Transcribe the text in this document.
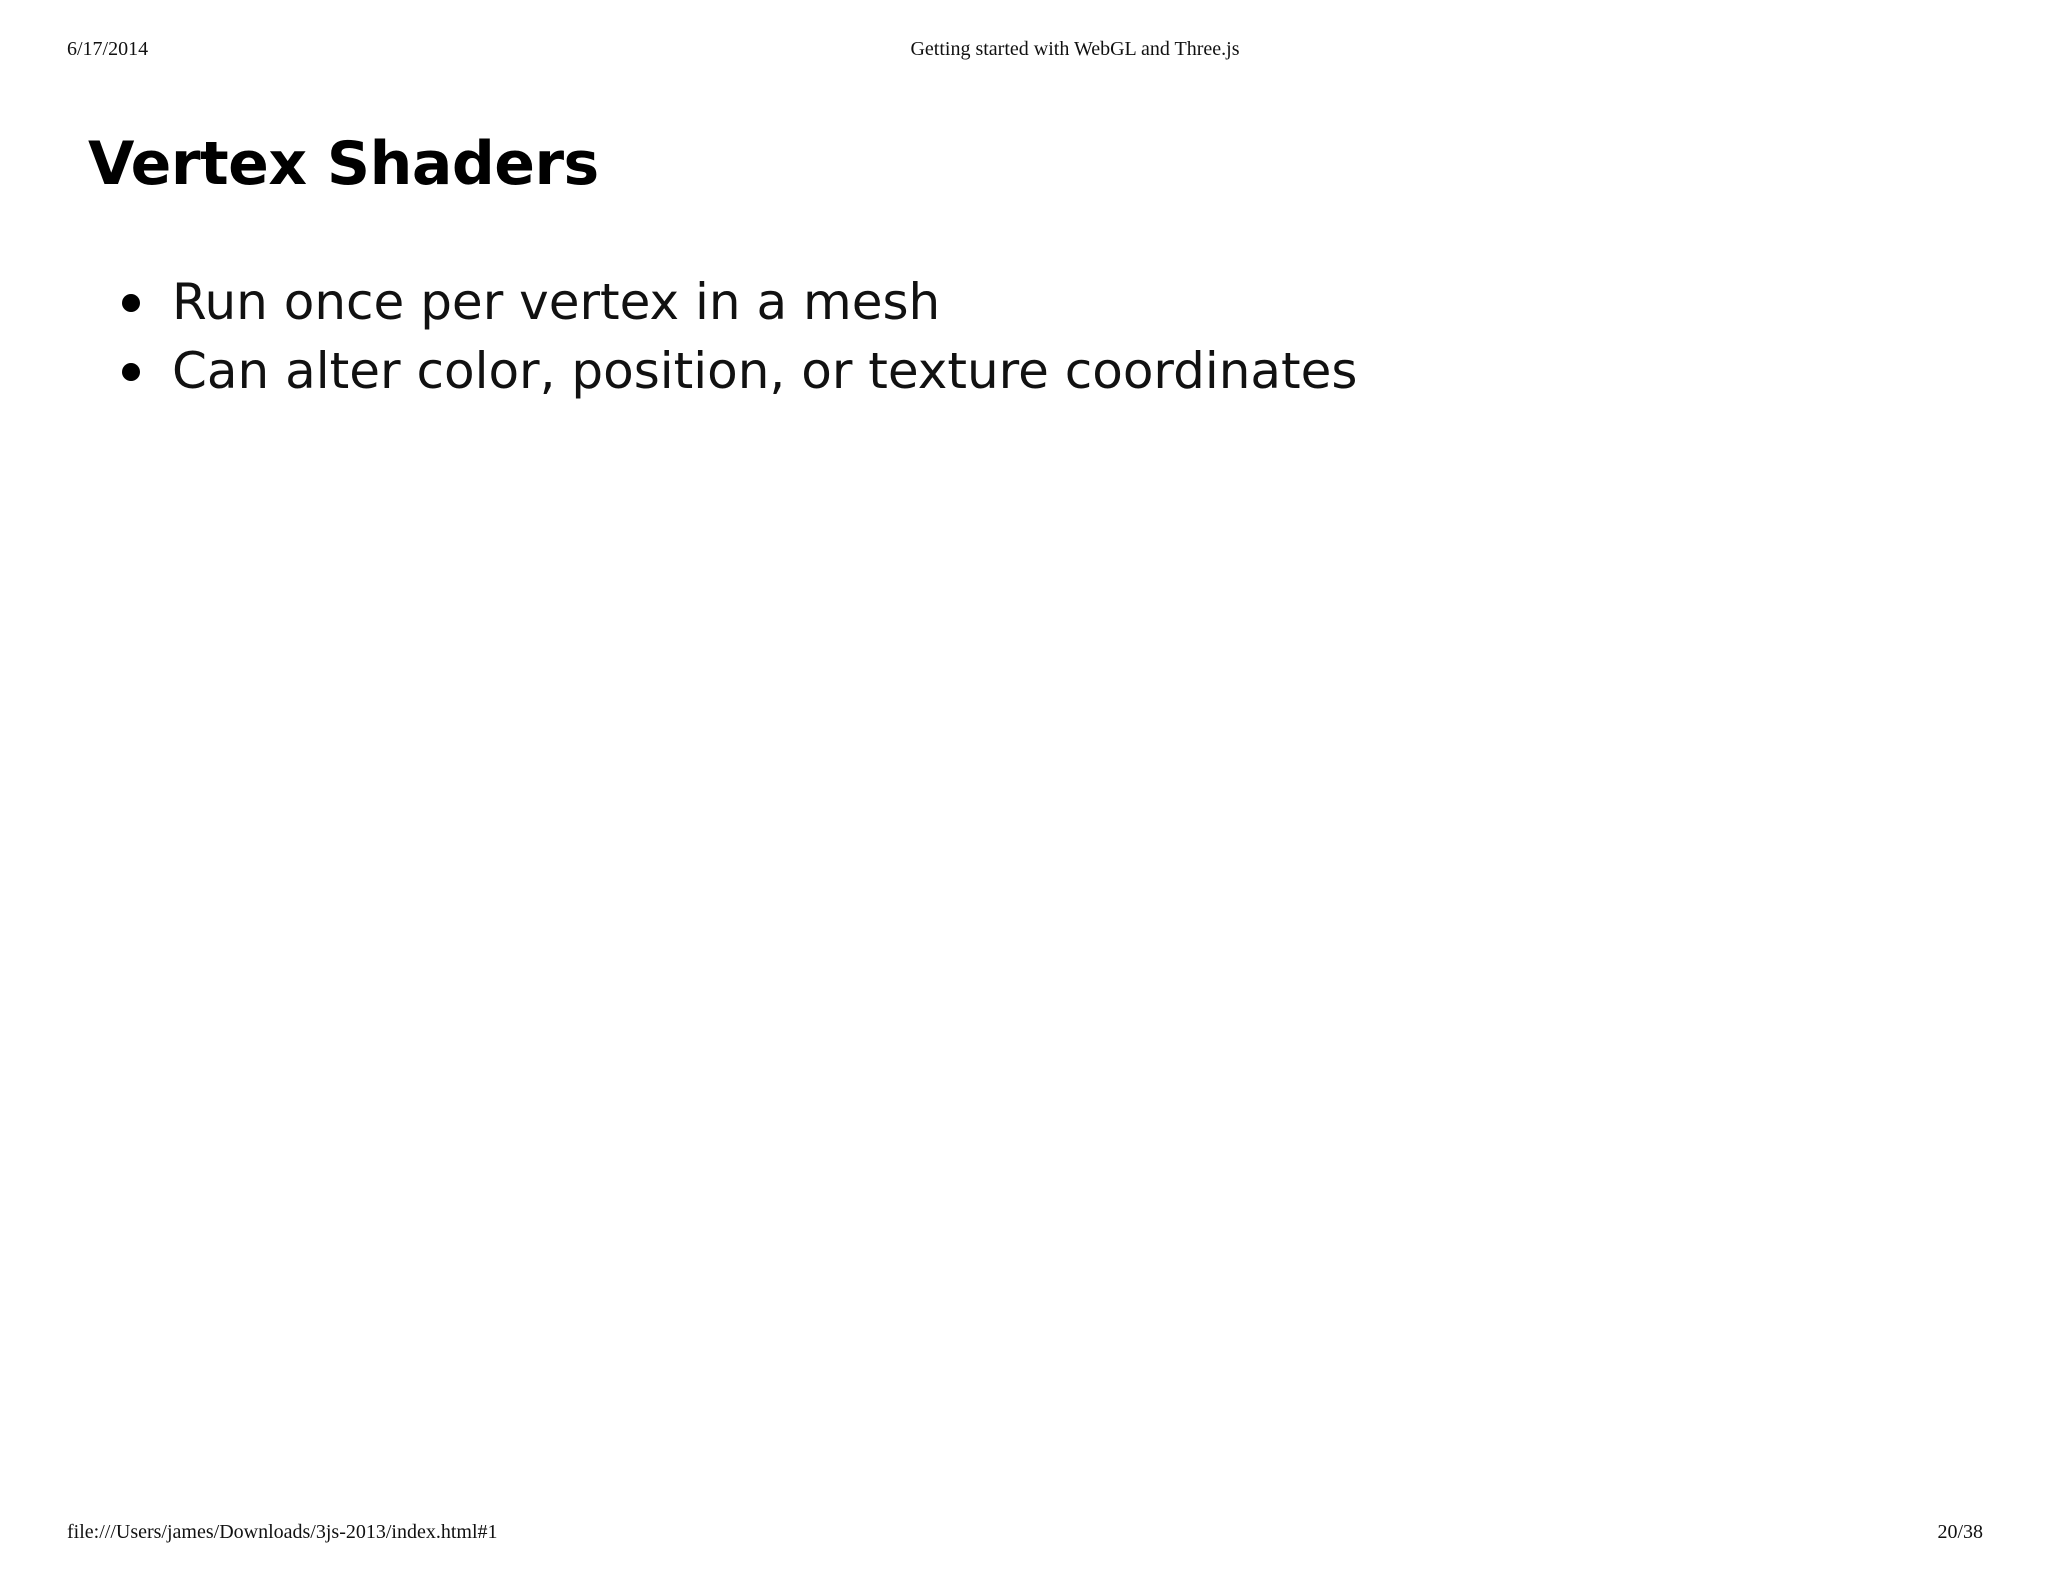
6/17/2014	Getting started with WebGL and Three.js
Vertex Shaders
Run once per vertex in a mesh
Can alter color, position, or texture coordinates
file:///Users/james/Downloads/3js-2013/index.html#1	20/38
